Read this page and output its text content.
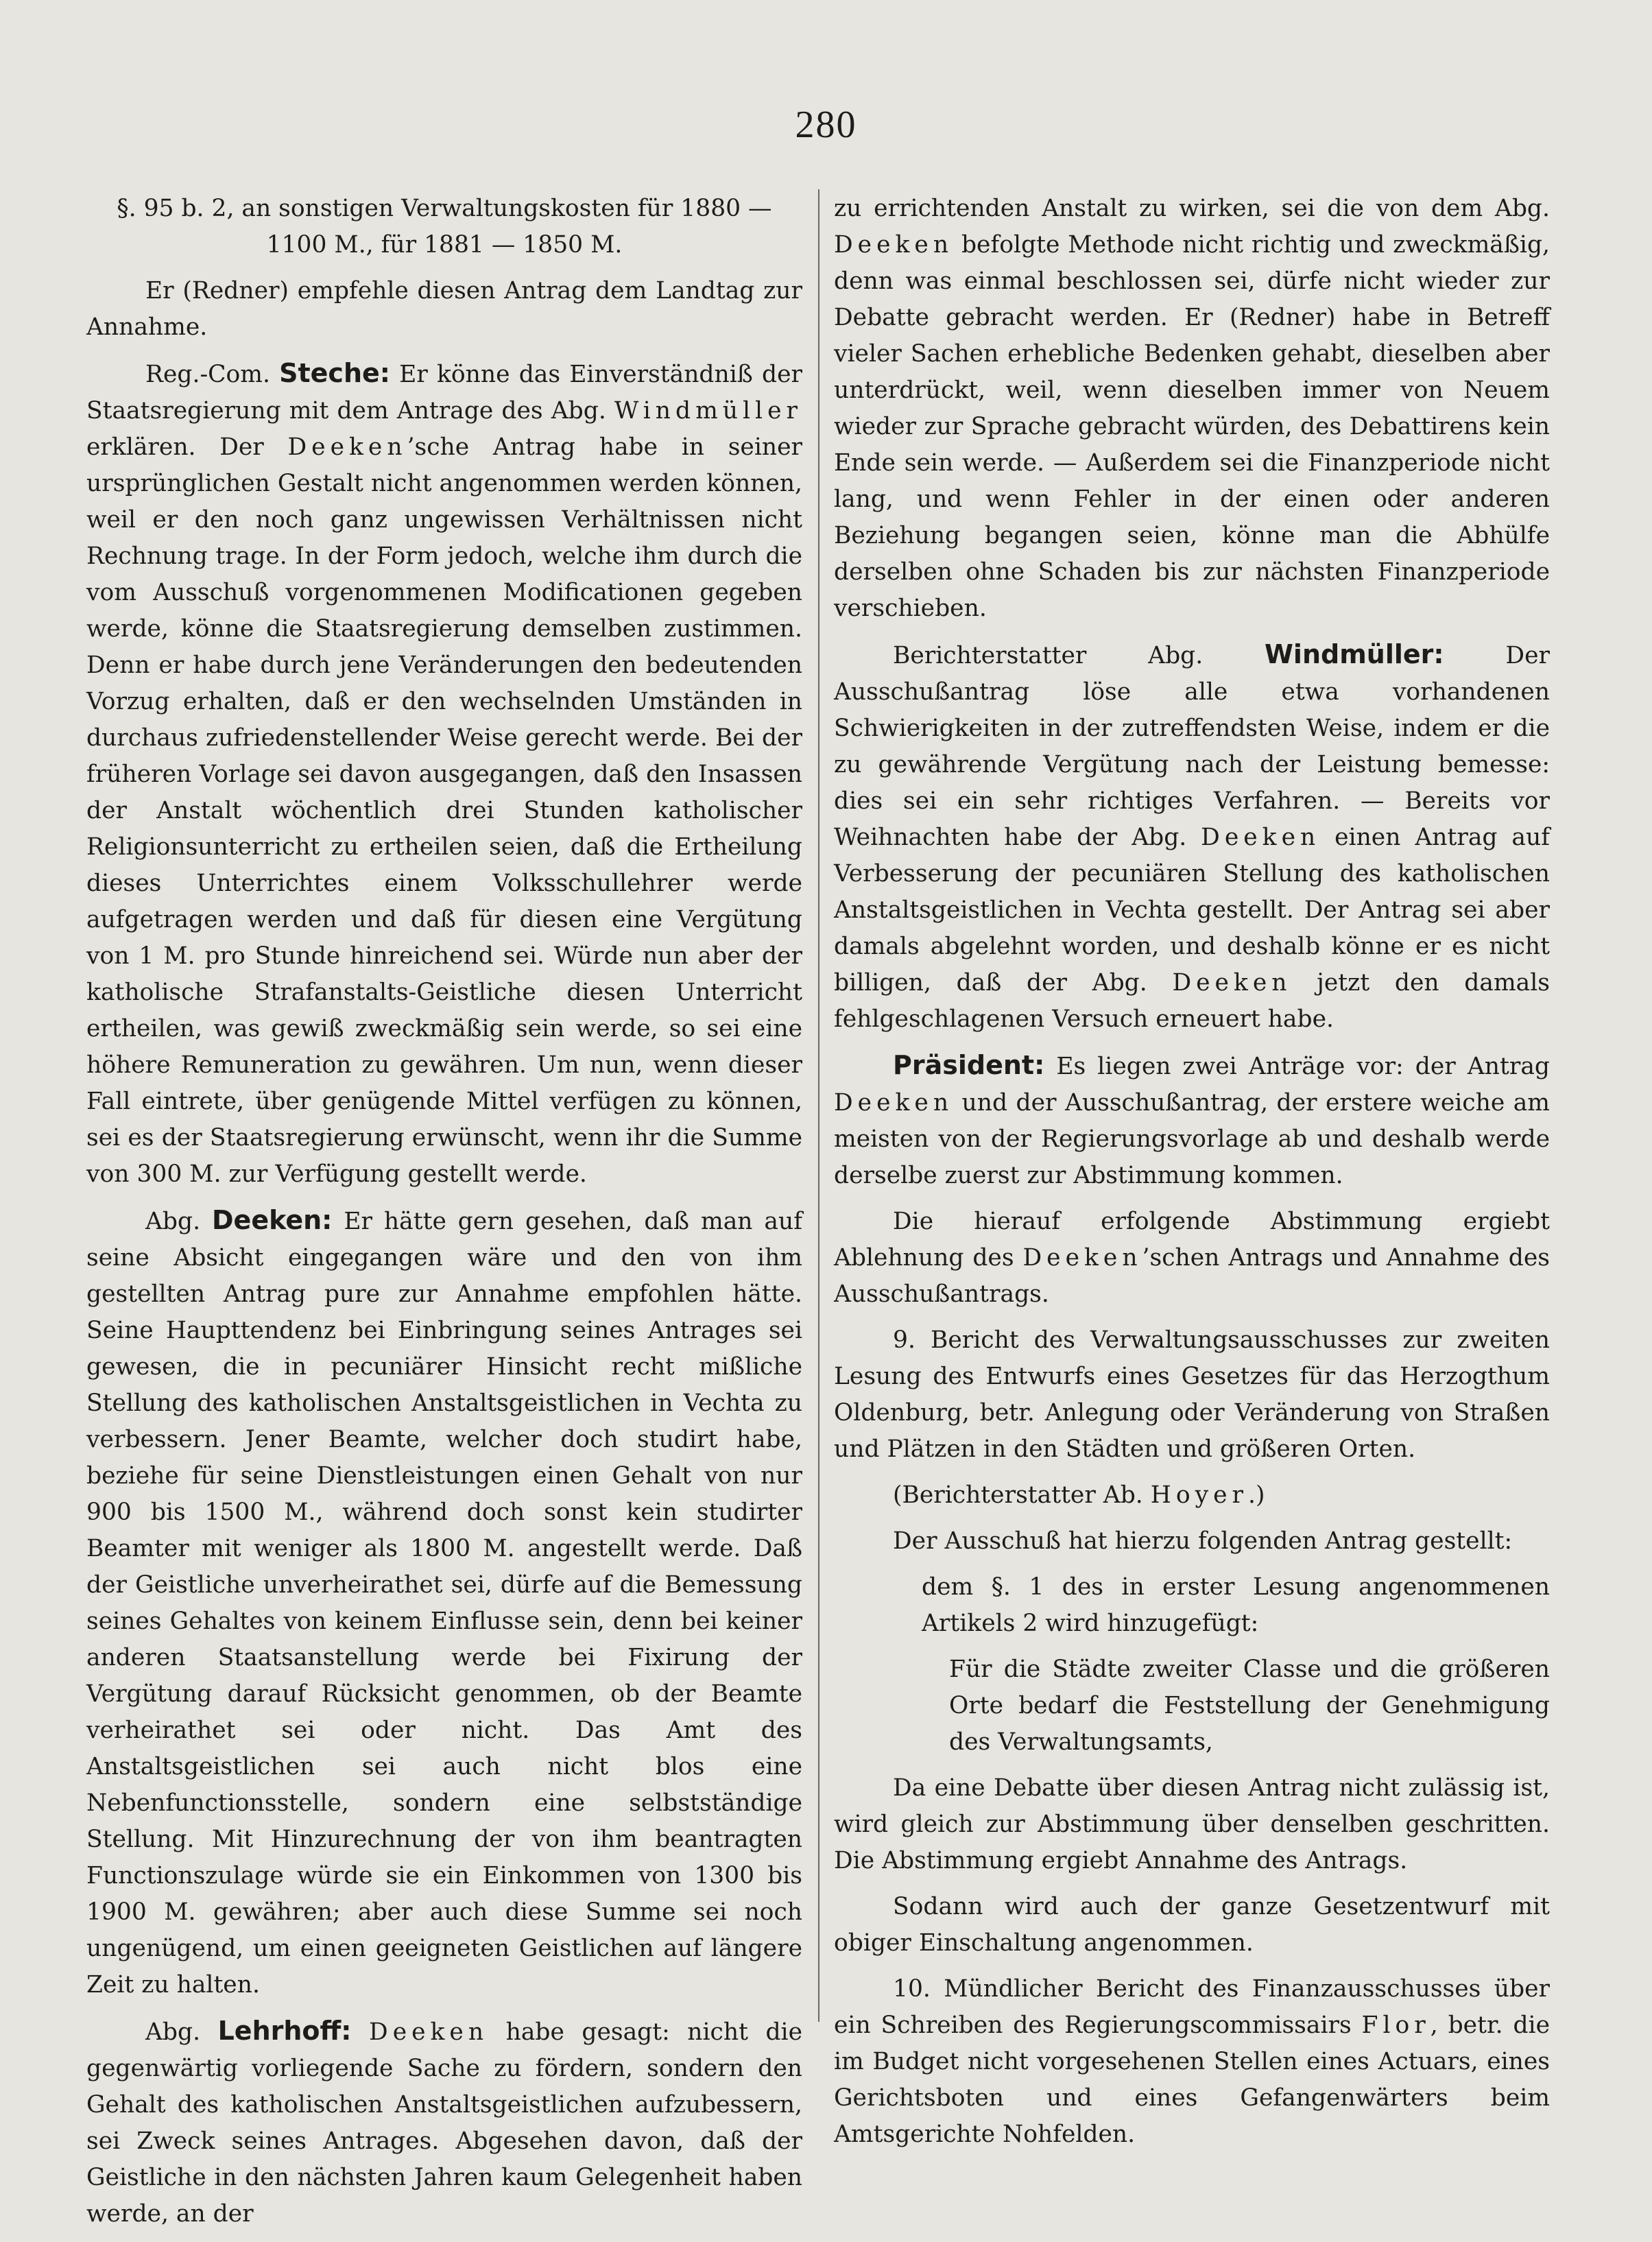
280

§. 95 b. 2, an sonstigen Verwaltungskosten für 1880 — 1100 M., für 1881 — 1850 M.

Er (Redner) empfehle diesen Antrag dem Landtag zur Annahme.

Reg.-Com. Steche: Er könne das Einverständniß der Staatsregierung mit dem Antrage des Abg. Windmüller erklären. Der Deeken’sche Antrag habe in seiner ursprünglichen Gestalt nicht angenommen werden können, weil er den noch ganz ungewissen Verhältnissen nicht Rechnung trage. In der Form jedoch, welche ihm durch die vom Ausschuß vorgenommenen Modificationen gegeben werde, könne die Staatsregierung demselben zustimmen. Denn er habe durch jene Veränderungen den bedeutenden Vorzug erhalten, daß er den wechselnden Umständen in durchaus zufriedenstellender Weise gerecht werde. Bei der früheren Vorlage sei davon ausgegangen, daß den Insassen der Anstalt wöchentlich drei Stunden katholischer Religionsunterricht zu ertheilen seien, daß die Ertheilung dieses Unterrichtes einem Volksschullehrer werde aufgetragen werden und daß für diesen eine Vergütung von 1 M. pro Stunde hinreichend sei. Würde nun aber der katholische Strafanstalts-Geistliche diesen Unterricht ertheilen, was gewiß zweckmäßig sein werde, so sei eine höhere Remuneration zu gewähren. Um nun, wenn dieser Fall eintrete, über genügende Mittel verfügen zu können, sei es der Staatsregierung erwünscht, wenn ihr die Summe von 300 M. zur Verfügung gestellt werde.

Abg. Deeken: Er hätte gern gesehen, daß man auf seine Absicht eingegangen wäre und den von ihm gestellten Antrag pure zur Annahme empfohlen hätte. Seine Haupttendenz bei Einbringung seines Antrages sei gewesen, die in pecuniärer Hinsicht recht mißliche Stellung des katholischen Anstaltsgeistlichen in Vechta zu verbessern. Jener Beamte, welcher doch studirt habe, beziehe für seine Dienstleistungen einen Gehalt von nur 900 bis 1500 M., während doch sonst kein studirter Beamter mit weniger als 1800 M. angestellt werde. Daß der Geistliche unverheirathet sei, dürfe auf die Bemessung seines Gehaltes von keinem Einflusse sein, denn bei keiner anderen Staatsanstellung werde bei Fixirung der Vergütung darauf Rücksicht genommen, ob der Beamte verheirathet sei oder nicht. Das Amt des Anstaltsgeistlichen sei auch nicht blos eine Nebenfunctionsstelle, sondern eine selbstständige Stellung. Mit Hinzurechnung der von ihm beantragten Functionszulage würde sie ein Einkommen von 1300 bis 1900 M. gewähren; aber auch diese Summe sei noch ungenügend, um einen geeigneten Geistlichen auf längere Zeit zu halten.

Abg. Lehrhoff: Deeken habe gesagt: nicht die gegenwärtig vorliegende Sache zu fördern, sondern den Gehalt des katholischen Anstaltsgeistlichen aufzubessern, sei Zweck seines Antrages. Abgesehen davon, daß der Geistliche in den nächsten Jahren kaum Gelegenheit haben werde, an der

zu errichtenden Anstalt zu wirken, sei die von dem Abg. Deeken befolgte Methode nicht richtig und zweckmäßig, denn was einmal beschlossen sei, dürfe nicht wieder zur Debatte gebracht werden. Er (Redner) habe in Betreff vieler Sachen erhebliche Bedenken gehabt, dieselben aber unterdrückt, weil, wenn dieselben immer von Neuem wieder zur Sprache gebracht würden, des Debattirens kein Ende sein werde. — Außerdem sei die Finanzperiode nicht lang, und wenn Fehler in der einen oder anderen Beziehung begangen seien, könne man die Abhülfe derselben ohne Schaden bis zur nächsten Finanzperiode verschieben.

Berichterstatter Abg. Windmüller: Der Ausschußantrag löse alle etwa vorhandenen Schwierigkeiten in der zutreffendsten Weise, indem er die zu gewährende Vergütung nach der Leistung bemesse: dies sei ein sehr richtiges Verfahren. — Bereits vor Weihnachten habe der Abg. Deeken einen Antrag auf Verbesserung der pecuniären Stellung des katholischen Anstaltsgeistlichen in Vechta gestellt. Der Antrag sei aber damals abgelehnt worden, und deshalb könne er es nicht billigen, daß der Abg. Deeken jetzt den damals fehlgeschlagenen Versuch erneuert habe.

Präsident: Es liegen zwei Anträge vor: der Antrag Deeken und der Ausschußantrag, der erstere weiche am meisten von der Regierungsvorlage ab und deshalb werde derselbe zuerst zur Abstimmung kommen.

Die hierauf erfolgende Abstimmung ergiebt Ablehnung des Deeken’schen Antrags und Annahme des Ausschußantrags.

9. Bericht des Verwaltungsausschusses zur zweiten Lesung des Entwurfs eines Gesetzes für das Herzogthum Oldenburg, betr. Anlegung oder Veränderung von Straßen und Plätzen in den Städten und größeren Orten.

(Berichterstatter Ab. Hoyer.)

Der Ausschuß hat hierzu folgenden Antrag gestellt:

dem §. 1 des in erster Lesung angenommenen Artikels 2 wird hinzugefügt:

Für die Städte zweiter Classe und die größeren Orte bedarf die Feststellung der Genehmigung des Verwaltungsamts,

Da eine Debatte über diesen Antrag nicht zulässig ist, wird gleich zur Abstimmung über denselben geschritten. Die Abstimmung ergiebt Annahme des Antrags.

Sodann wird auch der ganze Gesetzentwurf mit obiger Einschaltung angenommen.

10. Mündlicher Bericht des Finanzausschusses über ein Schreiben des Regierungscommissairs Flor, betr. die im Budget nicht vorgesehenen Stellen eines Actuars, eines Gerichtsboten und eines Gefangenwärters beim Amtsgerichte Nohfelden.
